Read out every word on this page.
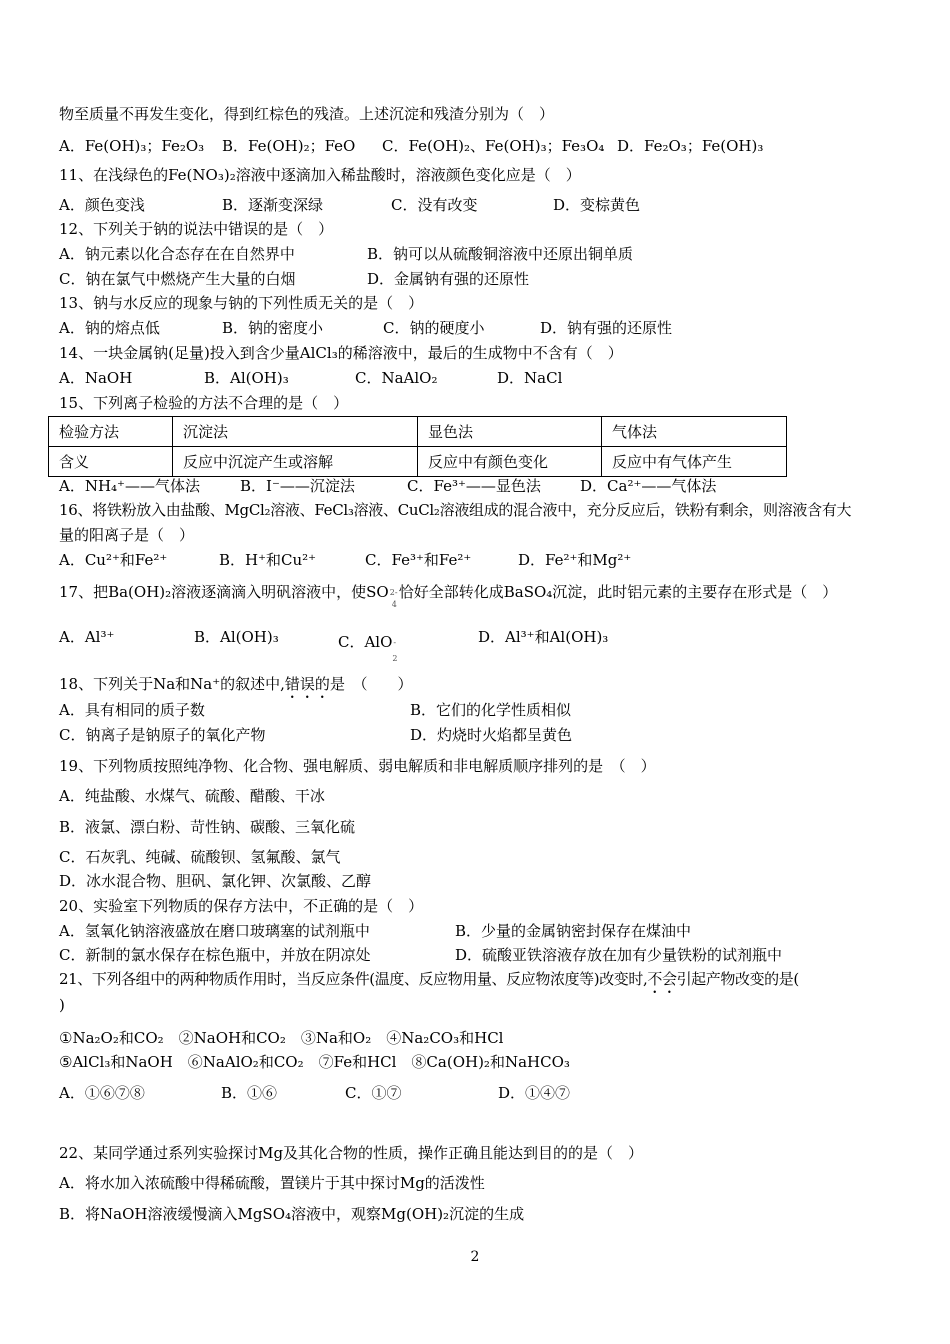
物至质量不再发生变化，得到红棕色的残渣。上述沉淀和残渣分别为（　）
A．Fe(OH)₃；Fe₂O₃ B．Fe(OH)₂；FeO C．Fe(OH)₂、Fe(OH)₃；Fe₃O₄ D．Fe₂O₃；Fe(OH)₃
11、在浅绿色的Fe(NO₃)₂溶液中逐滴加入稀盐酸时，溶液颜色变化应是（　）
A．颜色变浅	B．逐渐变深绿	C．没有改变	D．变棕黄色
12、下列关于钠的说法中错误的是（　）
A．钠元素以化合态存在在自然界中	B．钠可以从硫酸铜溶液中还原出铜单质
C．钠在氯气中燃烧产生大量的白烟	D．金属钠有强的还原性
13、钠与水反应的现象与钠的下列性质无关的是（　）
A．钠的熔点低	B．钠的密度小	C．钠的硬度小	D．钠有强的还原性
14、一块金属钠(足量)投入到含少量AlCl₃的稀溶液中，最后的生成物中不含有（　）
A．NaOH	B．Al(OH)₃	C．NaAlO₂	D．NaCl
15、下列离子检验的方法不合理的是（　）
检验方法	沉淀法	显色法	气体法
含义	反应中沉淀产生或溶解	反应中有颜色变化	反应中有气体产生
A．NH₄⁺——气体法	B．I⁻——沉淀法	C．Fe³⁺——显色法	D．Ca²⁺——气体法
16、将铁粉放入由盐酸、MgCl₂溶液、FeCl₃溶液、CuCl₂溶液组成的混合液中，充分反应后，铁粉有剩余，则溶液含有大
量的阳离子是（　）
A．Cu²⁺和Fe²⁺	B．H⁺和Cu²⁺	C．Fe³⁺和Fe²⁺	D．Fe²⁺和Mg²⁺
17、把Ba(OH)₂溶液逐滴滴入明矾溶液中，使SO 2-
4
恰好全部转化成BaSO₄沉淀，此时铝元素的主要存在形式是（　）
A．Al³⁺	B．Al(OH)₃	C．AlO -
2
D．Al³⁺和Al(OH)₃
18、下列关于Na和Na⁺的叙述中,错误的是　（　　）
A．具有相同的质子数	B．它们的化学性质相似
C．钠离子是钠原子的氧化产物	D．灼烧时火焰都呈黄色
19、下列物质按照纯净物、化合物、强电解质、弱电解质和非电解质顺序排列的是　（　）
A．纯盐酸、水煤气、硫酸、醋酸、干冰
B．液氯、漂白粉、苛性钠、碳酸、三氧化硫
C．石灰乳、纯碱、硫酸钡、氢氟酸、氯气
D．冰水混合物、胆矾、氯化钾、次氯酸、乙醇
20、实验室下列物质的保存方法中，不正确的是（　）
A．氢氧化钠溶液盛放在磨口玻璃塞的试剂瓶中	B．少量的金属钠密封保存在煤油中
C．新制的氯水保存在棕色瓶中，并放在阴凉处	D．硫酸亚铁溶液存放在加有少量铁粉的试剂瓶中
21、下列各组中的两种物质作用时，当反应条件(温度、反应物用量、反应物浓度等)改变时,不会引起产物改变的是(
)
①Na₂O₂和CO₂　②NaOH和CO₂　③Na和O₂　④Na₂CO₃和HCl
⑤AlCl₃和NaOH　⑥NaAlO₂和CO₂　⑦Fe和HCl　⑧Ca(OH)₂和NaHCO₃
A．①⑥⑦⑧	B．①⑥	C．①⑦	D．①④⑦
22、某同学通过系列实验探讨Mg及其化合物的性质，操作正确且能达到目的的是（　）
A．将水加入浓硫酸中得稀硫酸，置镁片于其中探讨Mg的活泼性
B．将NaOH溶液缓慢滴入MgSO₄溶液中，观察Mg(OH)₂沉淀的生成
2
